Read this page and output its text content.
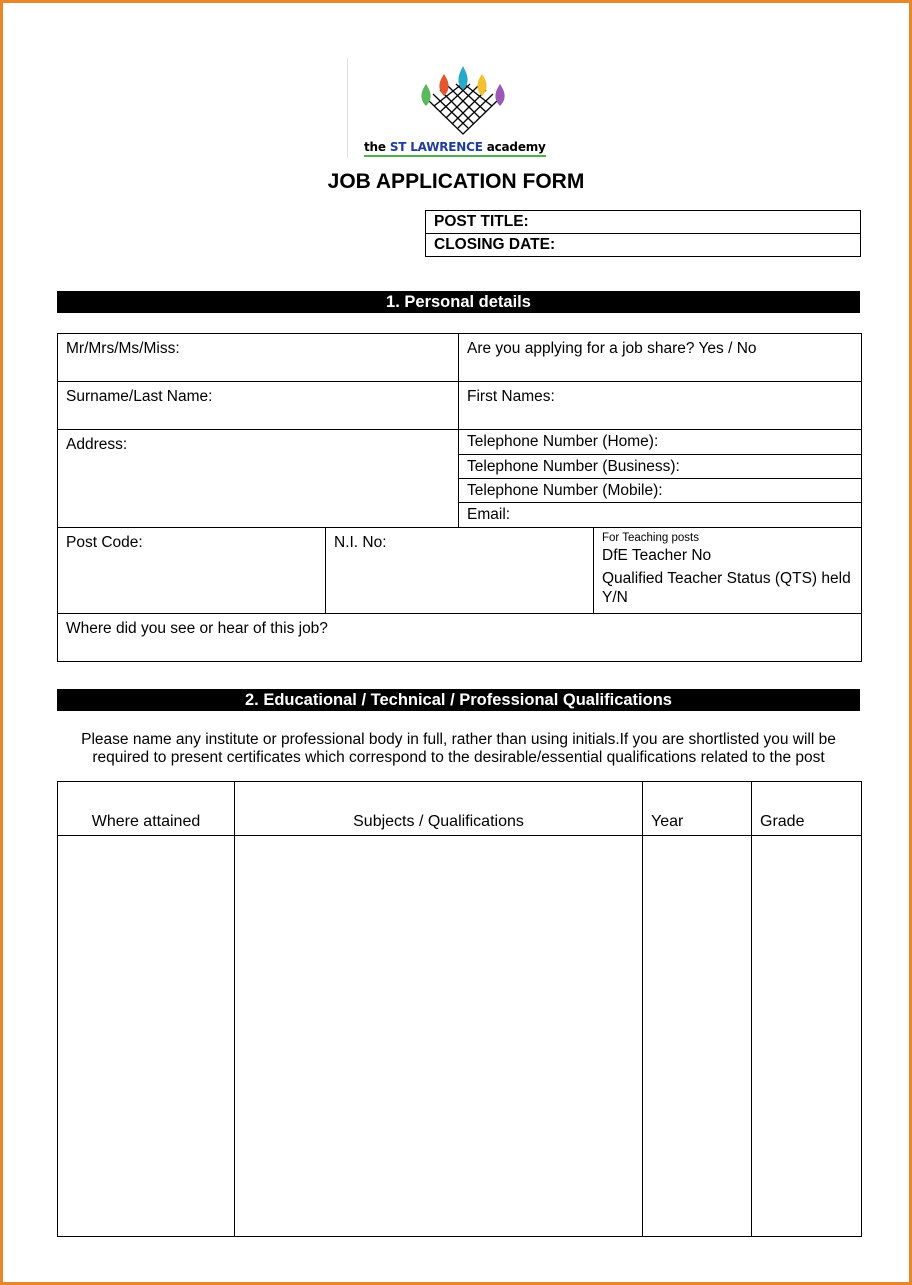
the ST LAWRENCE academy
JOB APPLICATION FORM
POST TITLE:
CLOSING DATE:
1. Personal details
Mr/Mrs/Ms/Miss:	Are you applying for a job share? Yes / No

Surname/Last Name:	First Names:

Address:	Telephone Number (Home):
Telephone Number (Business):
Telephone Number (Mobile):
Email:
Post Code:	N.I. No:	For Teaching posts
DfE Teacher No
Qualified Teacher Status (QTS) held Y/N

Where did you see or hear of this job?
2. Educational / Technical / Professional Qualifications
Please name any institute or professional body in full, rather than using initials.If you are shortlisted you will be
required to present certificates which correspond to the desirable/essential qualifications related to the post
Where attained	Subjects / Qualifications	Year	Grade
